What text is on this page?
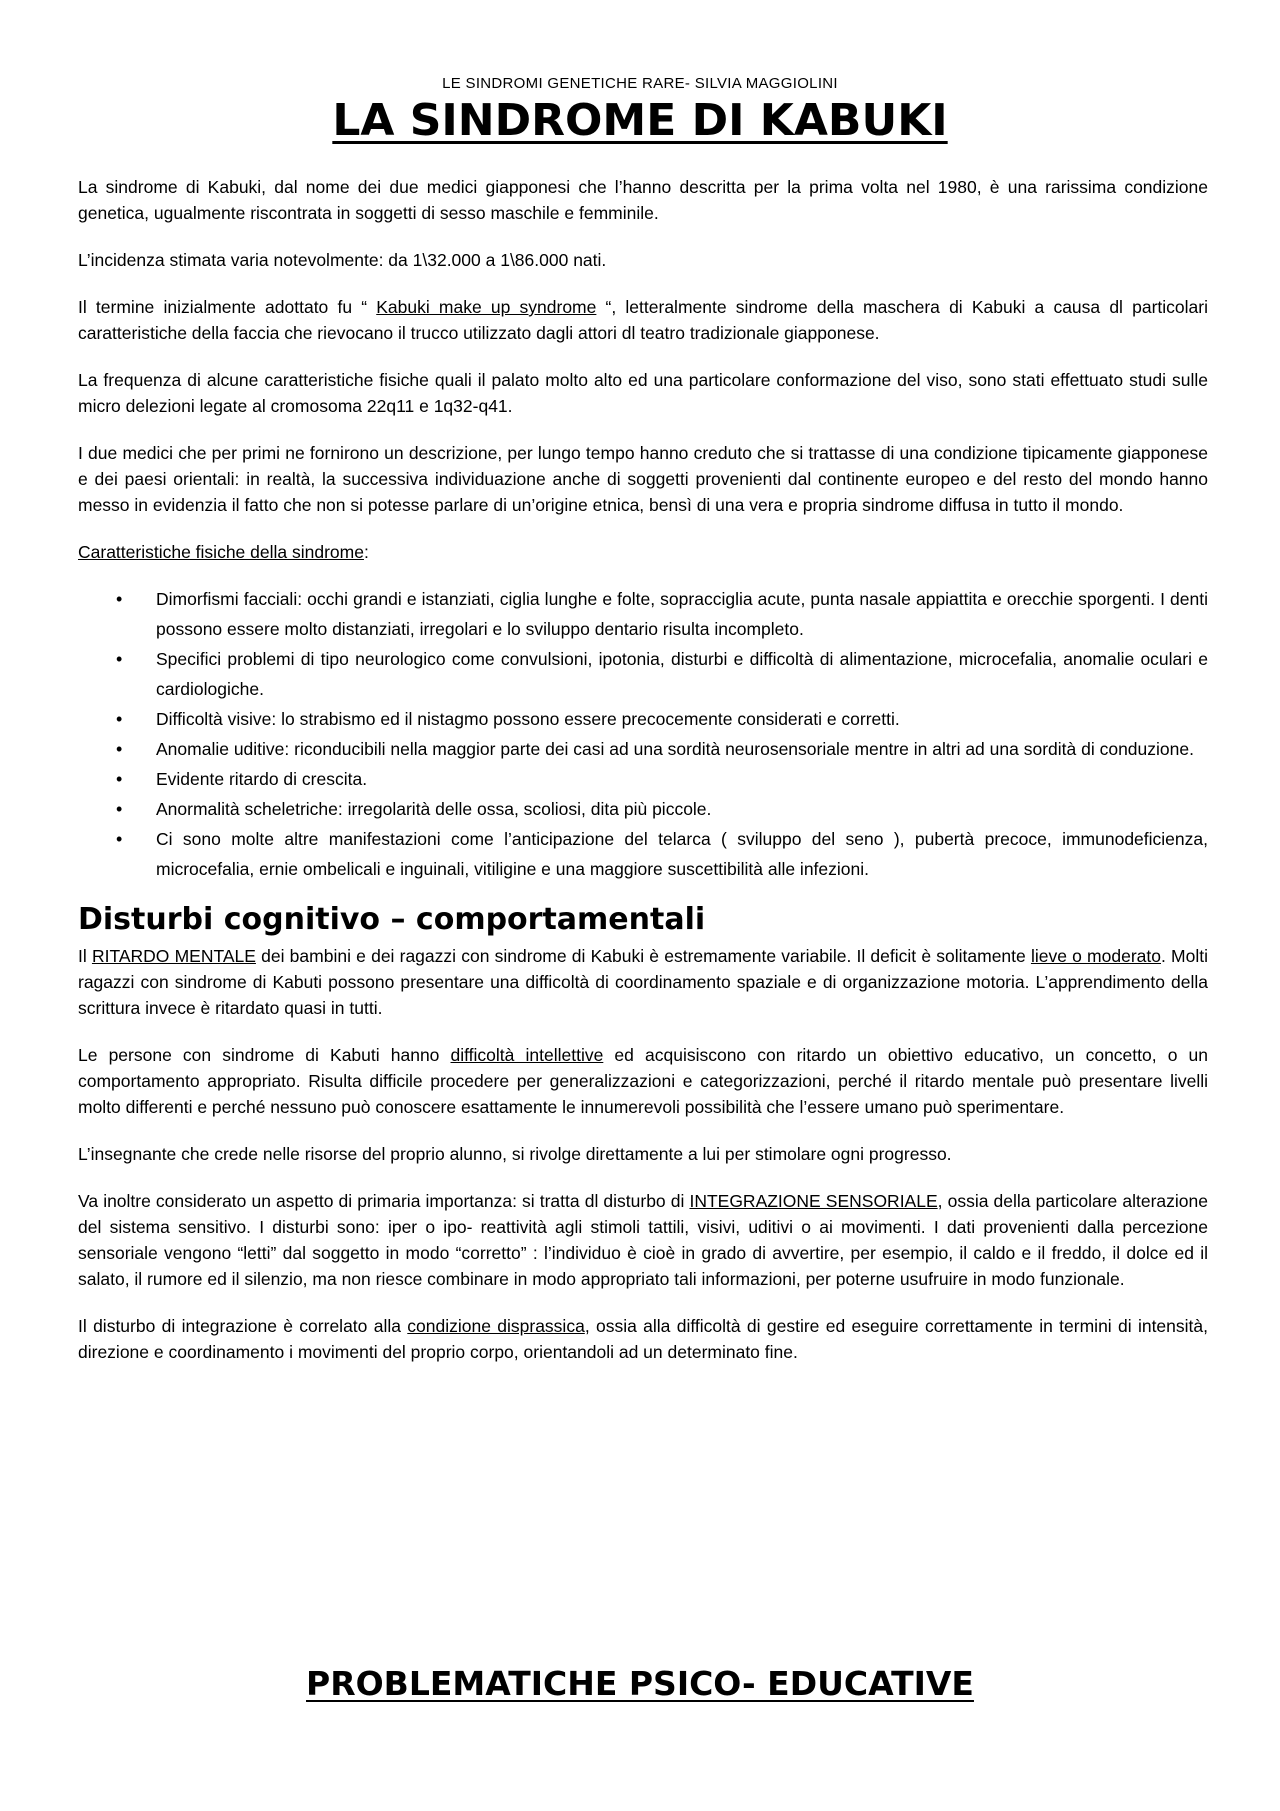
LE SINDROMI GENETICHE RARE- SILVIA MAGGIOLINI
LA SINDROME DI KABUKI

La sindrome di Kabuki, dal nome dei due medici giapponesi che l’hanno descritta per la prima volta nel 1980, è una rarissima condizione genetica, ugualmente riscontrata in soggetti di sesso maschile e femminile.

L’incidenza stimata varia notevolmente: da 1\32.000 a 1\86.000 nati.

Il termine inizialmente adottato fu “ Kabuki make up syndrome “, letteralmente sindrome della maschera di Kabuki a causa dl particolari caratteristiche della faccia che rievocano il trucco utilizzato dagli attori dl teatro tradizionale giapponese.

La frequenza di alcune caratteristiche fisiche quali il palato molto alto ed una particolare conformazione del viso, sono stati effettuato studi sulle micro delezioni legate al cromosoma 22q11 e 1q32-q41.

I due medici che per primi ne fornirono un descrizione, per lungo tempo hanno creduto che si trattasse di una condizione tipicamente giapponese e dei paesi orientali: in realtà, la successiva individuazione anche di soggetti provenienti dal continente europeo e del resto del mondo hanno messo in evidenzia il fatto che non si potesse parlare di un’origine etnica, bensì di una vera e propria sindrome diffusa in tutto il mondo.

Caratteristiche fisiche della sindrome:

• Dimorfismi facciali: occhi grandi e istanziati, ciglia lunghe e folte, sopracciglia acute, punta nasale appiattita e orecchie sporgenti. I denti possono essere molto distanziati, irregolari e lo sviluppo dentario risulta incompleto.
• Specifici problemi di tipo neurologico come convulsioni, ipotonia, disturbi e difficoltà di alimentazione, microcefalia, anomalie oculari e cardiologiche.
• Difficoltà visive: lo strabismo ed il nistagmo possono essere precocemente considerati e corretti.
• Anomalie uditive: riconducibili nella maggior parte dei casi ad una sordità neurosensoriale mentre in altri ad una sordità di conduzione.
• Evidente ritardo di crescita.
• Anormalità scheletriche: irregolarità delle ossa, scoliosi, dita più piccole.
• Ci sono molte altre manifestazioni come l’anticipazione del telarca ( sviluppo del seno ), pubertà precoce, immunodeficienza, microcefalia, ernie ombelicali e inguinali, vitiligine e una maggiore suscettibilità alle infezioni.
Disturbi cognitivo – comportamentali

Il RITARDO MENTALE dei bambini e dei ragazzi con sindrome di Kabuki è estremamente variabile. Il deficit è solitamente lieve o moderato. Molti ragazzi con sindrome di Kabuti possono presentare una difficoltà di coordinamento spaziale e di organizzazione motoria. L’apprendimento della scrittura invece è ritardato quasi in tutti.

Le persone con sindrome di Kabuti hanno difficoltà intellettive ed acquisiscono con ritardo un obiettivo educativo, un concetto, o un comportamento appropriato. Risulta difficile procedere per generalizzazioni e categorizzazioni, perché il ritardo mentale può presentare livelli molto differenti e perché nessuno può conoscere esattamente le innumerevoli possibilità che l’essere umano può sperimentare.

L’insegnante che crede nelle risorse del proprio alunno, si rivolge direttamente a lui per stimolare ogni progresso.

Va inoltre considerato un aspetto di primaria importanza: si tratta dl disturbo di INTEGRAZIONE SENSORIALE, ossia della particolare alterazione del sistema sensitivo. I disturbi sono: iper o ipo- reattività agli stimoli tattili, visivi, uditivi o ai movimenti. I dati provenienti dalla percezione sensoriale vengono “letti” dal soggetto in modo “corretto” : l’individuo è cioè in grado di avvertire, per esempio, il caldo e il freddo, il dolce ed il salato, il rumore ed il silenzio, ma non riesce combinare in modo appropriato tali informazioni, per poterne usufruire in modo funzionale.

Il disturbo di integrazione è correlato alla condizione disprassica, ossia alla difficoltà di gestire ed eseguire correttamente in termini di intensità, direzione e coordinamento i movimenti del proprio corpo, orientandoli ad un determinato fine.

PROBLEMATICHE PSICO- EDUCATIVE
